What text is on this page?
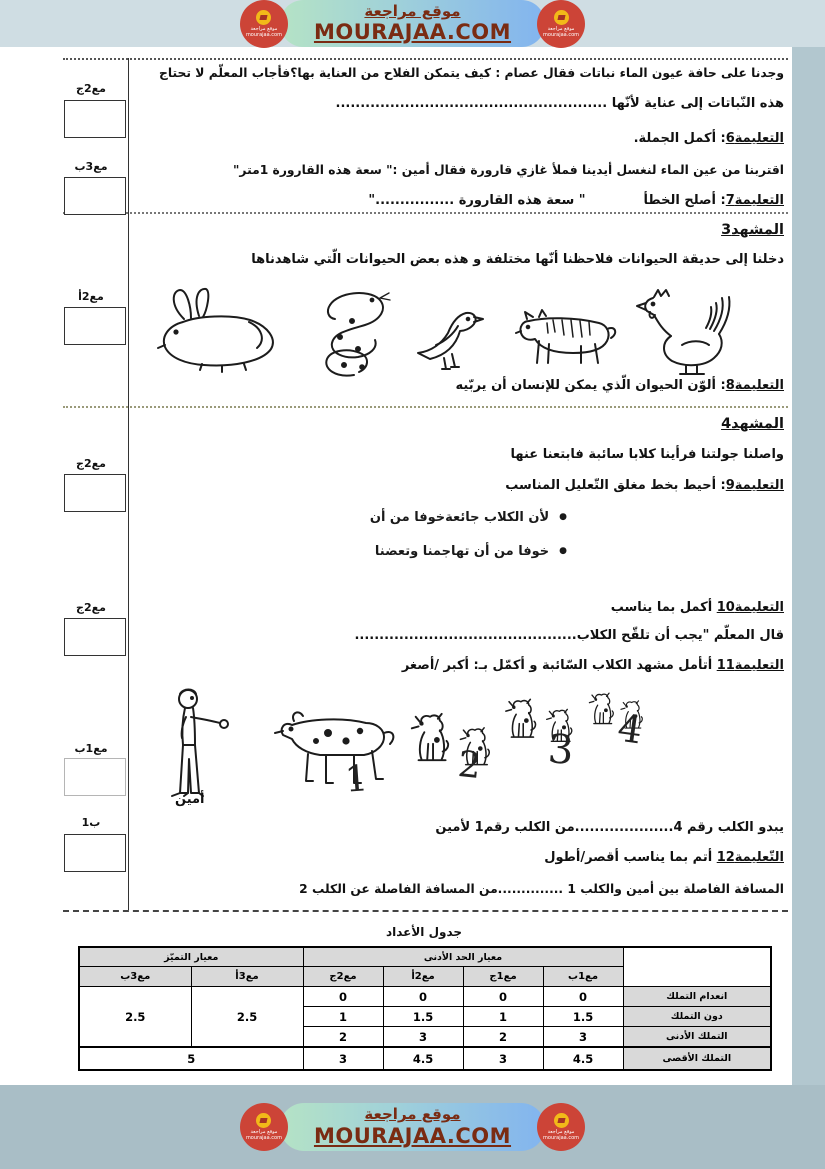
موقع مراجعة
mourajaa.com
موقع مراجعة
MOURAJAA.COM	موقع مراجعة
mourajaa.com
مع2ج
مع3ب
مع2أ
مع2ج
مع2ج
مع1ب
1ب
وجدنا على حافة عيون الماء نباتات فقال عصام : كيف يتمكن الفلاح من العناية بها؟فأجاب المعلّم لا تحتاج
هذه النّباتات إلى عناية لأنّها .......................................................
التعليمة6: أكمل الجملة.
اقتربنا من عين الماء لنغسل أيدينا فملأ غازي قارورة فقال أمين :" سعة هذه القارورة 1متر"
التعليمة7: أصلح الخطأ" سعة هذه القارورة ................"
المشهد3
دخلنا إلى حديقة الحيوانات فلاحظنا أنّها مختلفة و هذه بعض الحيوانات الّتي شاهدناها
التعليمة8: ألوّن الحيوان الّذي يمكن للإنسان أن يربّيه
المشهد4
واصلنا جولتنا فرأينا كلابا سائبة فابتعنا عنها
التعليمة9: أحيط بخط مغلق التّعليل المناسب
● لأن الكلاب جائعةخوفا من أن
● خوفا من أن تهاجمنا وتعضنا
التعليمة10 أكمل بما يناسب
قال المعلّم "يجب أن تلقّح الكلاب.............................................
التعليمة11 أتأمل مشهد الكلاب السّائبة و أكمّل بـ: أكبر /أصغر
1 2 3 4
أمين
يبدو الكلب رقم 4....................من الكلب رقم1 لأمين
التّعليمة12 أتم بما يناسب أقصر/أطول
المسافة الفاصلة بين أمين والكلب 1 ..............من المسافة الفاصلة عن الكلب 2
جدول الأعداد
	معيار الحد الأدنى				معيار التميّز	
	مع1ب	مع1ج	مع2أ	مع2ج	مع3أ	مع3ب
انعدام التملك	0	0	0	0	2.5	2.5
دون التملك	1.5	1	1.5	1		
التملك الأدنى	3	2	3	2		
التملك الأقصى	4.5	3	4.5	3	5	
موقع مراجعة
mourajaa.com
موقع مراجعة
MOURAJAA.COM	موقع مراجعة
mourajaa.com
